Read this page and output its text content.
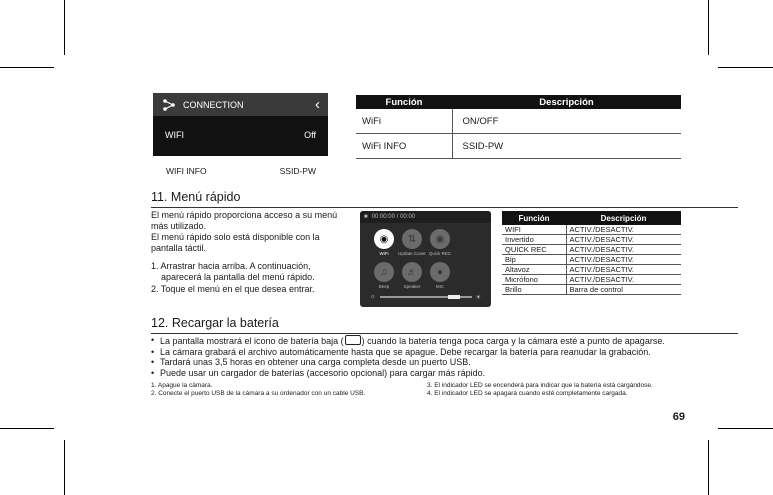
CONNECTION	‹
WIFI	Off
WIFI INFO	SSID-PW
Función	Descripción
WiFi	ON/OFF
WiFi INFO	SSID-PW
11. Menú rápido
El menú rápido proporciona acceso a su menú más utilizado.
El menú rápido solo está disponible con la pantalla táctil.
1. Arrastrar hacia arriba. A continuación, aparecerá la pantalla del menú rápido.
2. Toque el menú en el que desea entrar.
■ 00:00:00 / 00:00
◉
WiFi
⇅
Update Cover
◉
Quick REC
♫
Beep
♬
Speaker
●
MIC
☼	☀
Función	Descripción
WIFI	ACTIV./DESACTIV.
Invertido	ACTIV./DESACTIV.
QUICK REC	ACTIV./DESACTIV.
Bip	ACTIV./DESACTIV.
Altavoz	ACTIV./DESACTIV.
Micrófono	ACTIV./DESACTIV.
Brillo	Barra de control
12. Recargar la batería
• La pantalla mostrará el icono de batería baja ( ) cuando la batería tenga poca carga y la cámara esté a punto de apagarse.
• La cámara grabará el archivo automáticamente hasta que se apague. Debe recargar la batería para reanudar la grabación.
• Tardará unas 3,5 horas en obtener una carga completa desde un puerto USB.
• Puede usar un cargador de baterías (accesorio opcional) para cargar más rápido.
1. Apague la cámara.
2. Conecte el puerto USB de la cámara a su ordenador con un cable USB.
3. El indicador LED se encenderá para indicar que la batería está cargándose.
4. El indicador LED se apagará cuando esté completamente cargada.
69
